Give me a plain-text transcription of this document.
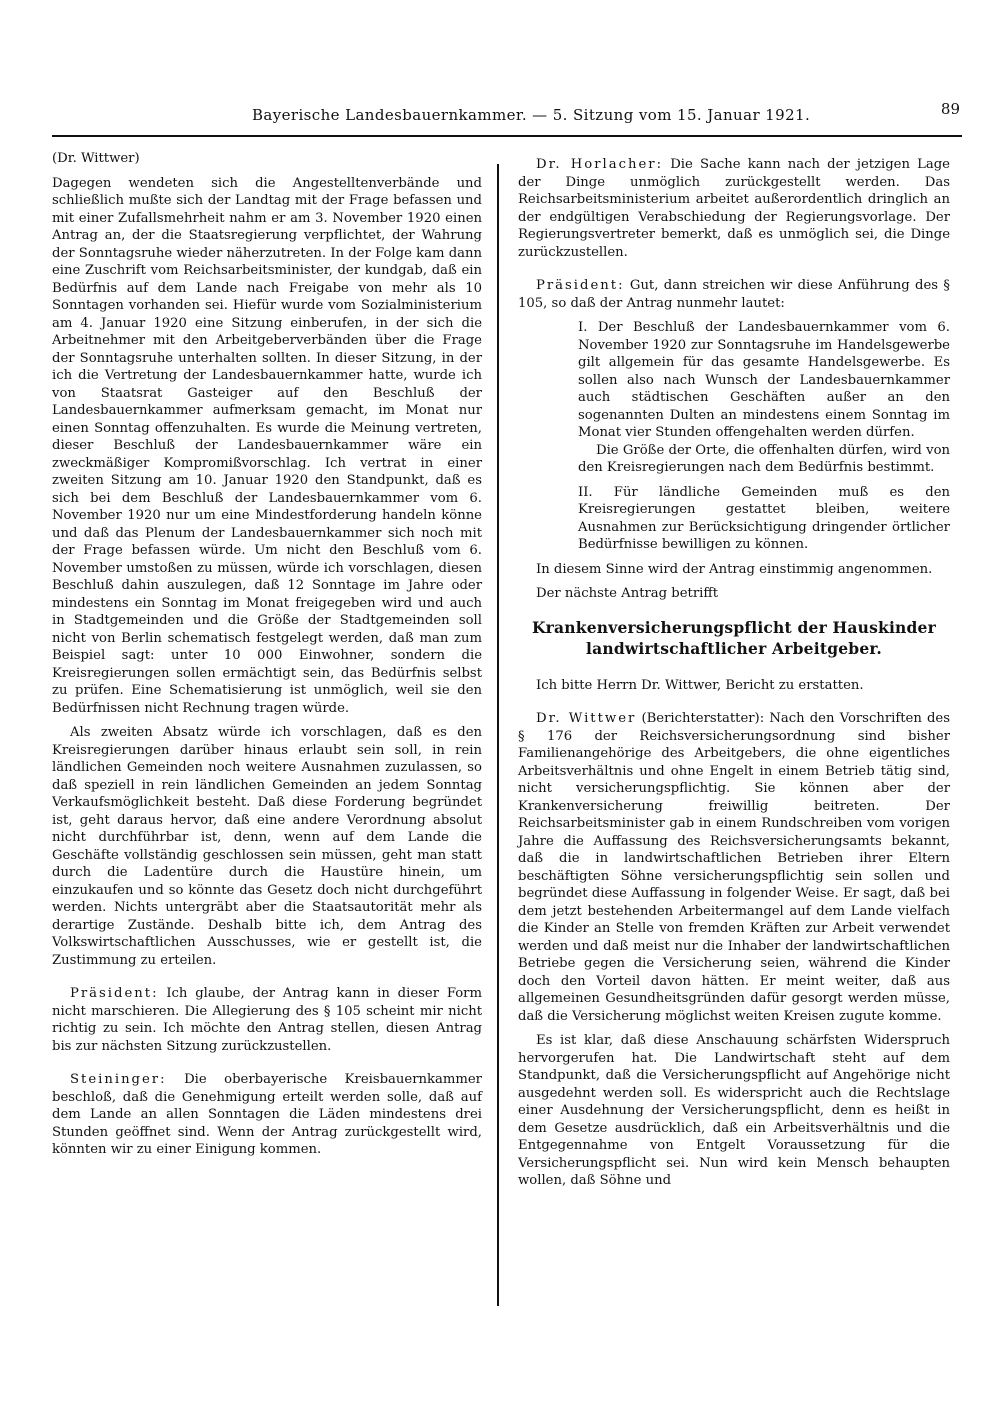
Bayerische Landesbauernkammer. — 5. Sitzung vom 15. Januar 1921.	89

(Dr. Wittwer)

Dagegen wendeten sich die Angestelltenverbände und schließlich mußte sich der Landtag mit der Frage befassen und mit einer Zufallsmehrheit nahm er am 3. November 1920 einen Antrag an, der die Staatsregierung verpflichtet, der Wahrung der Sonntagsruhe wieder näherzutreten. In der Folge kam dann eine Zuschrift vom Reichsarbeitsminister, der kundgab, daß ein Bedürfnis auf dem Lande nach Freigabe von mehr als 10 Sonntagen vorhanden sei. Hiefür wurde vom Sozialministerium am 4. Januar 1920 eine Sitzung einberufen, in der sich die Arbeitnehmer mit den Arbeitgeberverbänden über die Frage der Sonntagsruhe unterhalten sollten. In dieser Sitzung, in der ich die Vertretung der Landesbauernkammer hatte, wurde ich von Staatsrat Gasteiger auf den Beschluß der Landesbauernkammer aufmerksam gemacht, im Monat nur einen Sonntag offenzuhalten. Es wurde die Meinung vertreten, dieser Beschluß der Landesbauernkammer wäre ein zweckmäßiger Kompromißvorschlag. Ich vertrat in einer zweiten Sitzung am 10. Januar 1920 den Standpunkt, daß es sich bei dem Beschluß der Landesbauernkammer vom 6. November 1920 nur um eine Mindestforderung handeln könne und daß das Plenum der Landesbauernkammer sich noch mit der Frage befassen würde. Um nicht den Beschluß vom 6. November umstoßen zu müssen, würde ich vorschlagen, diesen Beschluß dahin auszulegen, daß 12 Sonntage im Jahre oder mindestens ein Sonntag im Monat freigegeben wird und auch in Stadtgemeinden und die Größe der Stadtgemeinden soll nicht von Berlin schematisch festgelegt werden, daß man zum Beispiel sagt: unter 10 000 Einwohner, sondern die Kreisregierungen sollen ermächtigt sein, das Bedürfnis selbst zu prüfen. Eine Schematisierung ist unmöglich, weil sie den Bedürfnissen nicht Rechnung tragen würde.

Als zweiten Absatz würde ich vorschlagen, daß es den Kreisregierungen darüber hinaus erlaubt sein soll, in rein ländlichen Gemeinden noch weitere Ausnahmen zuzulassen, so daß speziell in rein ländlichen Gemeinden an jedem Sonntag Verkaufsmöglichkeit besteht. Daß diese Forderung begründet ist, geht daraus hervor, daß eine andere Verordnung absolut nicht durchführbar ist, denn, wenn auf dem Lande die Geschäfte vollständig geschlossen sein müssen, geht man statt durch die Ladentüre durch die Haustüre hinein, um einzukaufen und so könnte das Gesetz doch nicht durchgeführt werden. Nichts untergräbt aber die Staatsautorität mehr als derartige Zustände. Deshalb bitte ich, dem Antrag des Volkswirtschaftlichen Ausschusses, wie er gestellt ist, die Zustimmung zu erteilen.

Präsident: Ich glaube, der Antrag kann in dieser Form nicht marschieren. Die Allegierung des § 105 scheint mir nicht richtig zu sein. Ich möchte den Antrag stellen, diesen Antrag bis zur nächsten Sitzung zurückzustellen.

Steininger: Die oberbayerische Kreisbauernkammer beschloß, daß die Genehmigung erteilt werden solle, daß auf dem Lande an allen Sonntagen die Läden mindestens drei Stunden geöffnet sind. Wenn der Antrag zurückgestellt wird, könnten wir zu einer Einigung kommen.

Dr. Horlacher: Die Sache kann nach der jetzigen Lage der Dinge unmöglich zurückgestellt werden. Das Reichsarbeitsministerium arbeitet außerordentlich dringlich an der endgültigen Verabschiedung der Regierungsvorlage. Der Regierungsvertreter bemerkt, daß es unmöglich sei, die Dinge zurückzustellen.

Präsident: Gut, dann streichen wir diese Anführung des § 105, so daß der Antrag nunmehr lautet:

I. Der Beschluß der Landesbauernkammer vom 6. November 1920 zur Sonntagsruhe im Handelsgewerbe gilt allgemein für das gesamte Handelsgewerbe. Es sollen also nach Wunsch der Landesbauernkammer auch städtischen Geschäften außer an den sogenannten Dulten an mindestens einem Sonntag im Monat vier Stunden offengehalten werden dürfen.

Die Größe der Orte, die offenhalten dürfen, wird von den Kreisregierungen nach dem Bedürfnis bestimmt.

II. Für ländliche Gemeinden muß es den Kreisregierungen gestattet bleiben, weitere Ausnahmen zur Berücksichtigung dringender örtlicher Bedürfnisse bewilligen zu können.

In diesem Sinne wird der Antrag einstimmig angenommen.

Der nächste Antrag betrifft

Krankenversicherungspflicht der Hauskinder
landwirtschaftlicher Arbeitgeber.

Ich bitte Herrn Dr. Wittwer, Bericht zu erstatten.

Dr. Wittwer (Berichterstatter): Nach den Vorschriften des § 176 der Reichsversicherungsordnung sind bisher Familienangehörige des Arbeitgebers, die ohne eigentliches Arbeitsverhältnis und ohne Engelt in einem Betrieb tätig sind, nicht versicherungspflichtig. Sie können aber der Krankenversicherung freiwillig beitreten. Der Reichsarbeitsminister gab in einem Rundschreiben vom vorigen Jahre die Auffassung des Reichsversicherungsamts bekannt, daß die in landwirtschaftlichen Betrieben ihrer Eltern beschäftigten Söhne versicherungspflichtig sein sollen und begründet diese Auffassung in folgender Weise. Er sagt, daß bei dem jetzt bestehenden Arbeitermangel auf dem Lande vielfach die Kinder an Stelle von fremden Kräften zur Arbeit verwendet werden und daß meist nur die Inhaber der landwirtschaftlichen Betriebe gegen die Versicherung seien, während die Kinder doch den Vorteil davon hätten. Er meint weiter, daß aus allgemeinen Gesundheitsgründen dafür gesorgt werden müsse, daß die Versicherung möglichst weiten Kreisen zugute komme.

Es ist klar, daß diese Anschauung schärfsten Widerspruch hervorgerufen hat. Die Landwirtschaft steht auf dem Standpunkt, daß die Versicherungspflicht auf Angehörige nicht ausgedehnt werden soll. Es widerspricht auch die Rechtslage einer Ausdehnung der Versicherungspflicht, denn es heißt in dem Gesetze ausdrücklich, daß ein Arbeitsverhältnis und die Entgegennahme von Entgelt Voraussetzung für die Versicherungspflicht sei. Nun wird kein Mensch behaupten wollen, daß Söhne und
